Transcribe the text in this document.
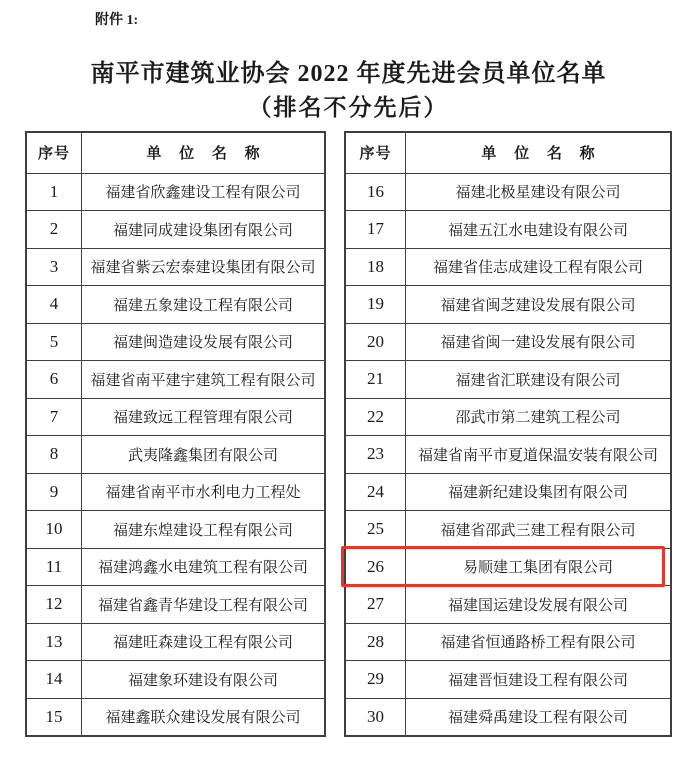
附件 1:
南平市建筑业协会 2022 年度先进会员单位名单
（排名不分先后）
序号	单 位 名 称
1	福建省欣鑫建设工程有限公司
2	福建同成建设集团有限公司
3	福建省紫云宏泰建设集团有限公司
4	福建五象建设工程有限公司
5	福建闽造建设发展有限公司
6	福建省南平建宇建筑工程有限公司
7	福建致远工程管理有限公司
8	武夷隆鑫集团有限公司
9	福建省南平市水利电力工程处
10	福建东煌建设工程有限公司
11	福建鸿鑫水电建筑工程有限公司
12	福建省鑫青华建设工程有限公司
13	福建旺森建设工程有限公司
14	福建象环建设有限公司
15	福建鑫联众建设发展有限公司
序号	单 位 名 称
16	福建北极星建设有限公司
17	福建五江水电建设有限公司
18	福建省佳志成建设工程有限公司
19	福建省闽芝建设发展有限公司
20	福建省闽一建设发展有限公司
21	福建省汇联建设有限公司
22	邵武市第二建筑工程公司
23	福建省南平市夏道保温安装有限公司
24	福建新纪建设集团有限公司
25	福建省邵武三建工程有限公司
26	易顺建工集团有限公司
27	福建国运建设发展有限公司
28	福建省恒通路桥工程有限公司
29	福建晋恒建设工程有限公司
30	福建舜禹建设工程有限公司
